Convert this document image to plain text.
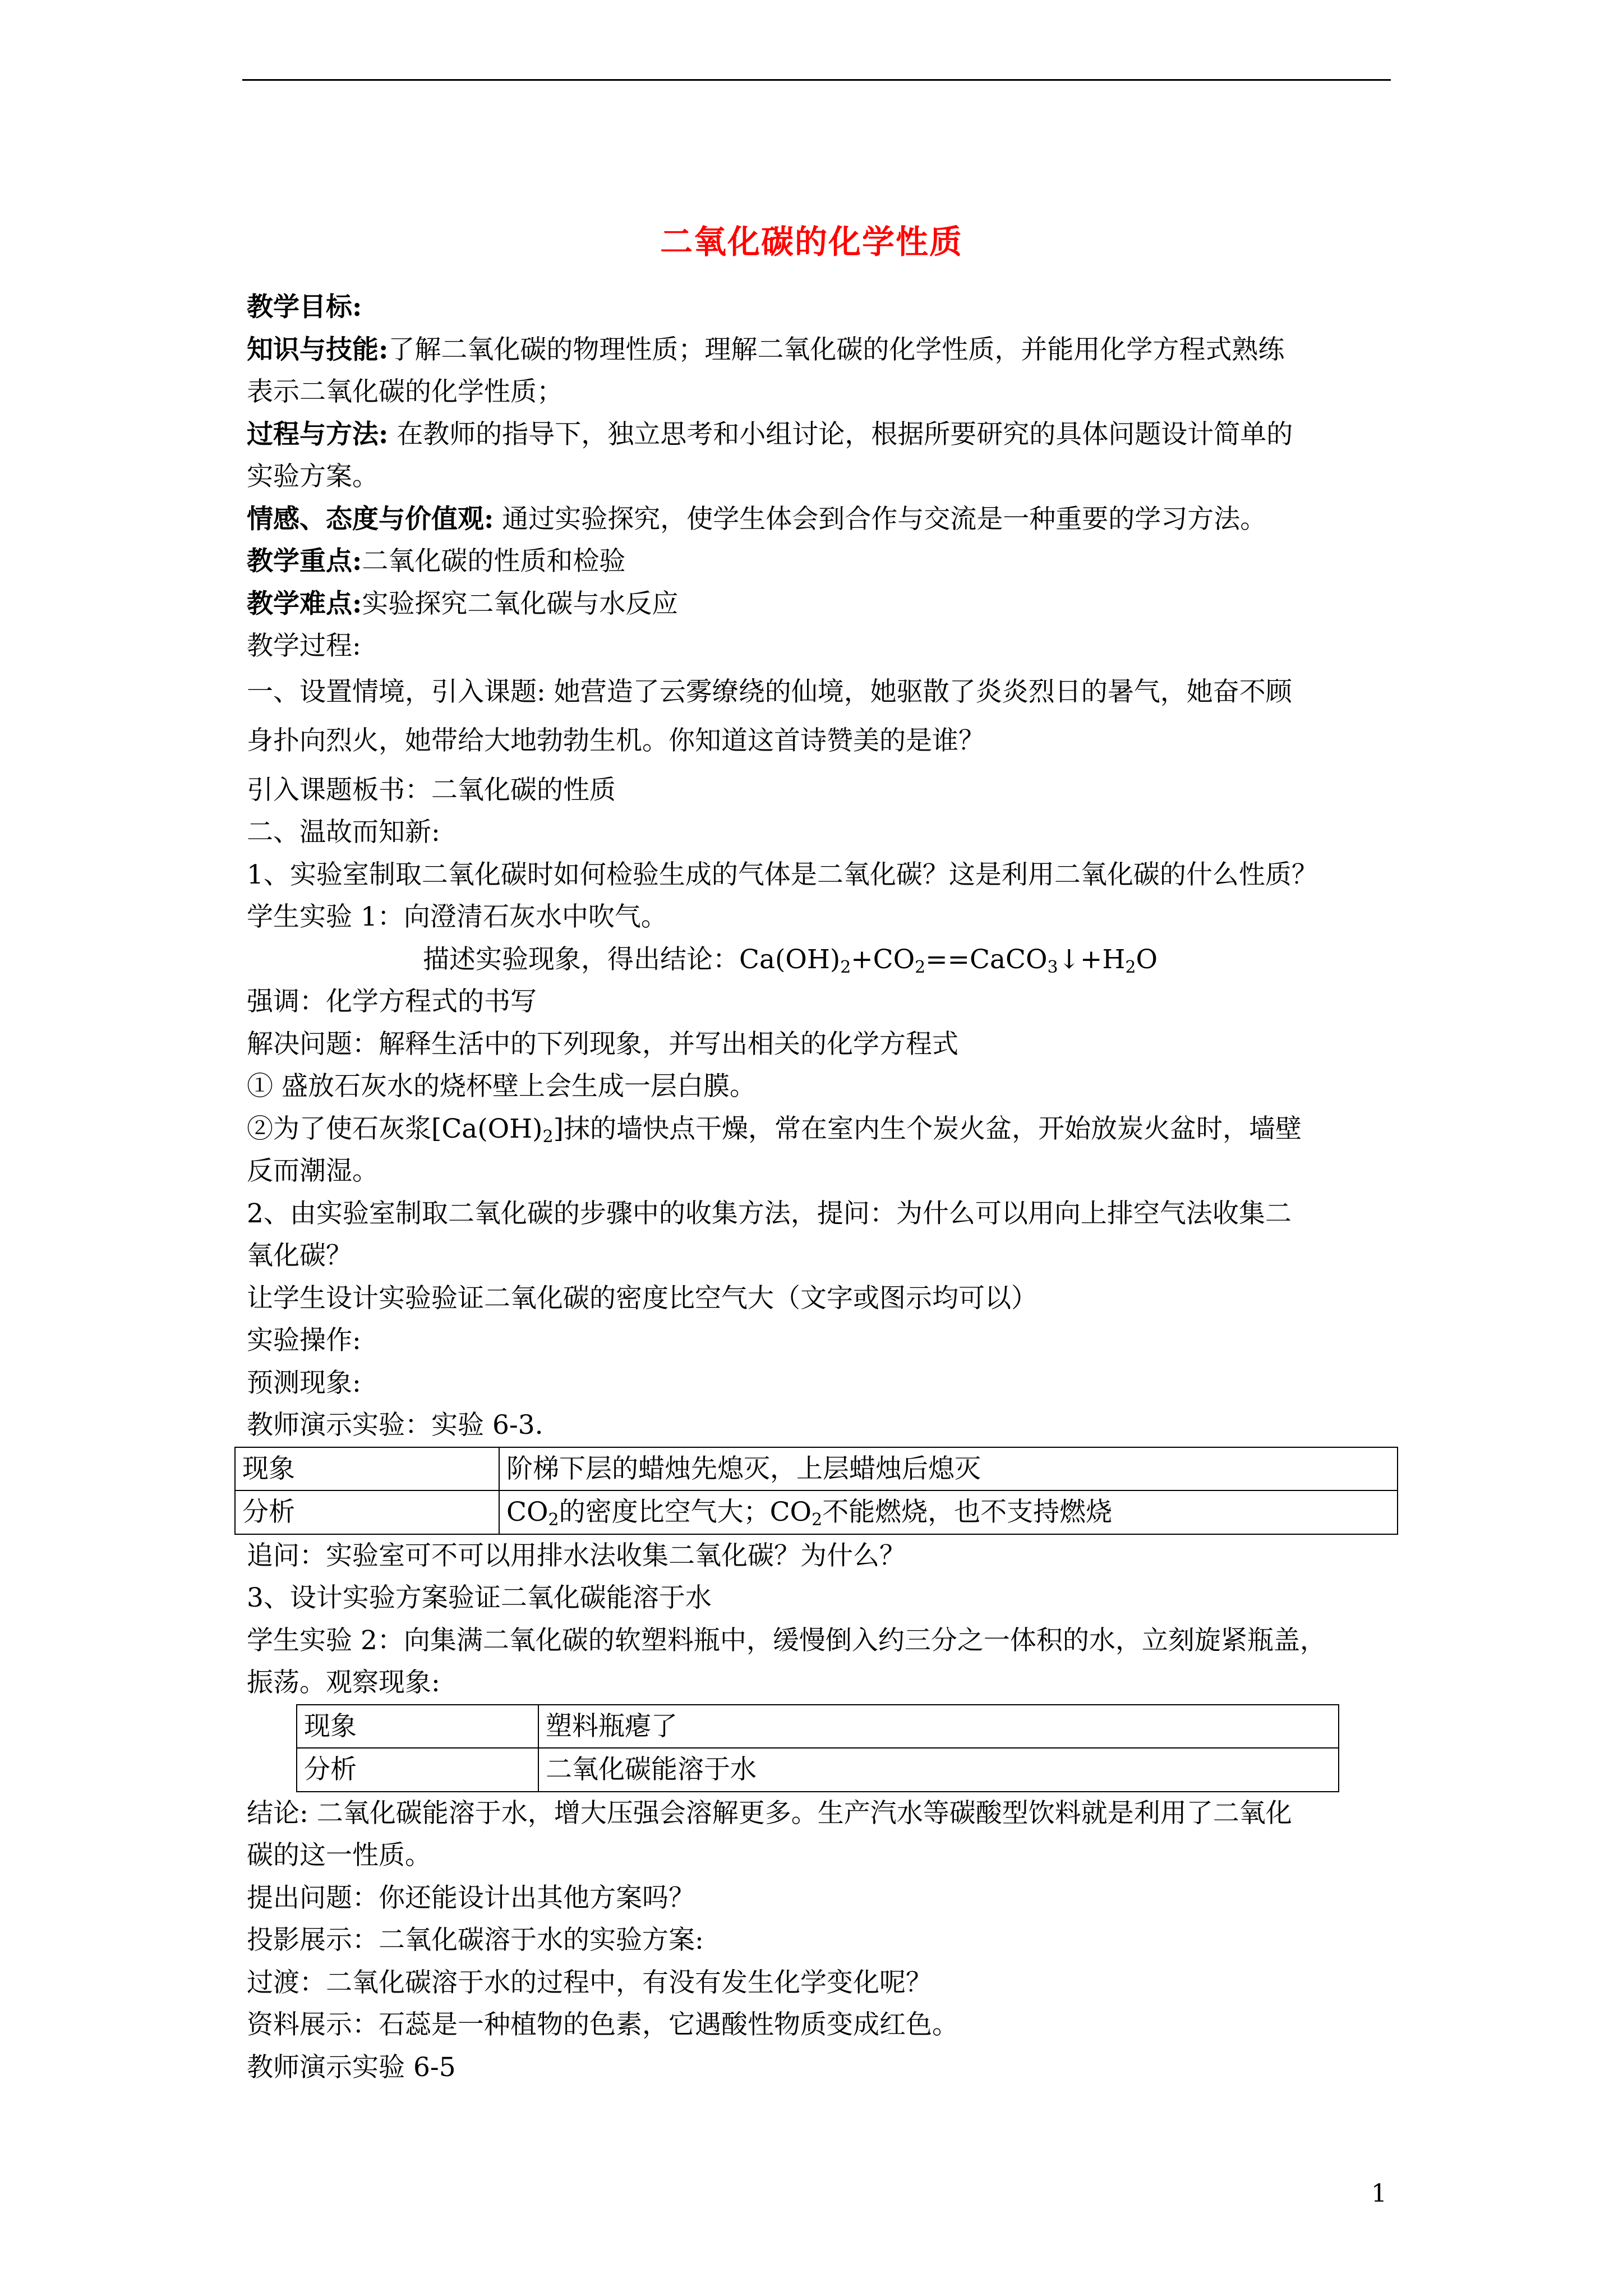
二氧化碳的化学性质

教学目标:

知识与技能:了解二氧化碳的物理性质；理解二氧化碳的化学性质，并能用化学方程式熟练

表示二氧化碳的化学性质；

过程与方法: 在教师的指导下，独立思考和小组讨论，根据所要研究的具体问题设计简单的

实验方案。

情感、态度与价值观: 通过实验探究，使学生体会到合作与交流是一种重要的学习方法。

教学重点:二氧化碳的性质和检验

教学难点:实验探究二氧化碳与水反应

教学过程:

一、设置情境，引入课题: 她营造了云雾缭绕的仙境，她驱散了炎炎烈日的暑气，她奋不顾

身扑向烈火，她带给大地勃勃生机。你知道这首诗赞美的是谁？

引入课题板书：二氧化碳的性质

二、温故而知新:

1、实验室制取二氧化碳时如何检验生成的气体是二氧化碳？这是利用二氧化碳的什么性质？

学生实验 1：向澄清石灰水中吹气。

描述实验现象，得出结论：$Ca(OH)_2+CO_2==CaCO_3↓+H_2O$

强调：化学方程式的书写

解决问题：解释生活中的下列现象，并写出相关的化学方程式

① 盛放石灰水的烧杯壁上会生成一层白膜。

②为了使石灰浆$[Ca(OH)_2]$抹的墙快点干燥，常在室内生个炭火盆，开始放炭火盆时，墙壁

反而潮湿。

2、由实验室制取二氧化碳的步骤中的收集方法，提问：为什么可以用向上排空气法收集二

氧化碳？

让学生设计实验验证二氧化碳的密度比空气大（文字或图示均可以）

实验操作:

预测现象:

教师演示实验：实验 6-3.

现象	阶梯下层的蜡烛先熄灭，上层蜡烛后熄灭
分析	$CO_2$的密度比空气大；$CO_2$不能燃烧，也不支持燃烧

追问：实验室可不可以用排水法收集二氧化碳？为什么？

3、设计实验方案验证二氧化碳能溶于水

学生实验 2：向集满二氧化碳的软塑料瓶中，缓慢倒入约三分之一体积的水，立刻旋紧瓶盖，

振荡。观察现象:

现象	塑料瓶瘪了
分析	二氧化碳能溶于水

结论: 二氧化碳能溶于水，增大压强会溶解更多。生产汽水等碳酸型饮料就是利用了二氧化

碳的这一性质。

提出问题：你还能设计出其他方案吗？

投影展示：二氧化碳溶于水的实验方案:

过渡：二氧化碳溶于水的过程中，有没有发生化学变化呢？

资料展示：石蕊是一种植物的色素，它遇酸性物质变成红色。

教师演示实验 6-5

1
